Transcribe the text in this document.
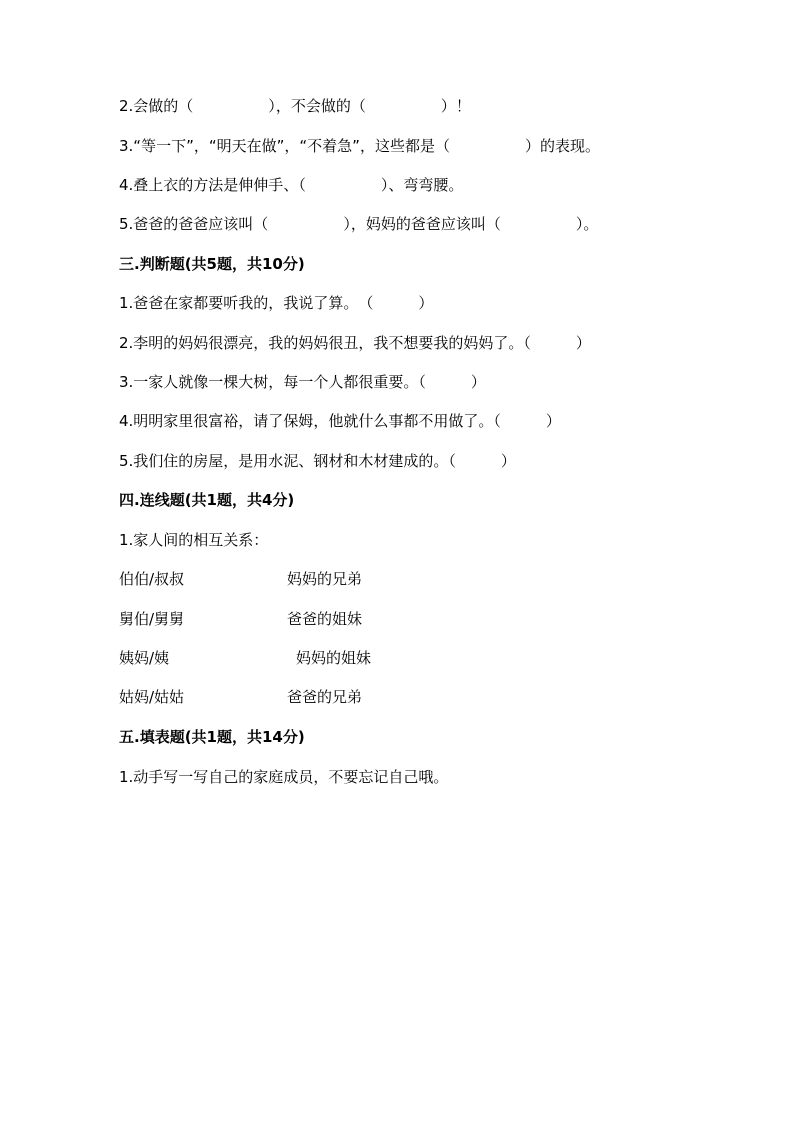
2.会做的（　　　　　），不会做的（　　　　　）！
3.“等一下”，“明天在做”，“不着急”，这些都是（　　　　　）的表现。
4.叠上衣的方法是伸伸手、（　　　　　）、弯弯腰。
5.爸爸的爸爸应该叫（　　　　　），妈妈的爸爸应该叫（　　　　　）。
三.判断题(共5题，共10分)
1.爸爸在家都要听我的，我说了算。　（　　　）
2.李明的妈妈很漂亮，我的妈妈很丑，我不想要我的妈妈了。（　　　）
3.一家人就像一棵大树，每一个人都很重要。（　　　）
4.明明家里很富裕，请了保姆，他就什么事都不用做了。（　　　）
5.我们住的房屋，是用水泥、钢材和木材建成的。（　　　）
四.连线题(共1题，共4分)
1.家人间的相互关系：
伯伯/叔叔	妈妈的兄弟
舅伯/舅舅	爸爸的姐妹
姨妈/姨	妈妈的姐妹
姑妈/姑姑	爸爸的兄弟
五.填表题(共1题，共14分)
1.动手写一写自己的家庭成员，不要忘记自己哦。
